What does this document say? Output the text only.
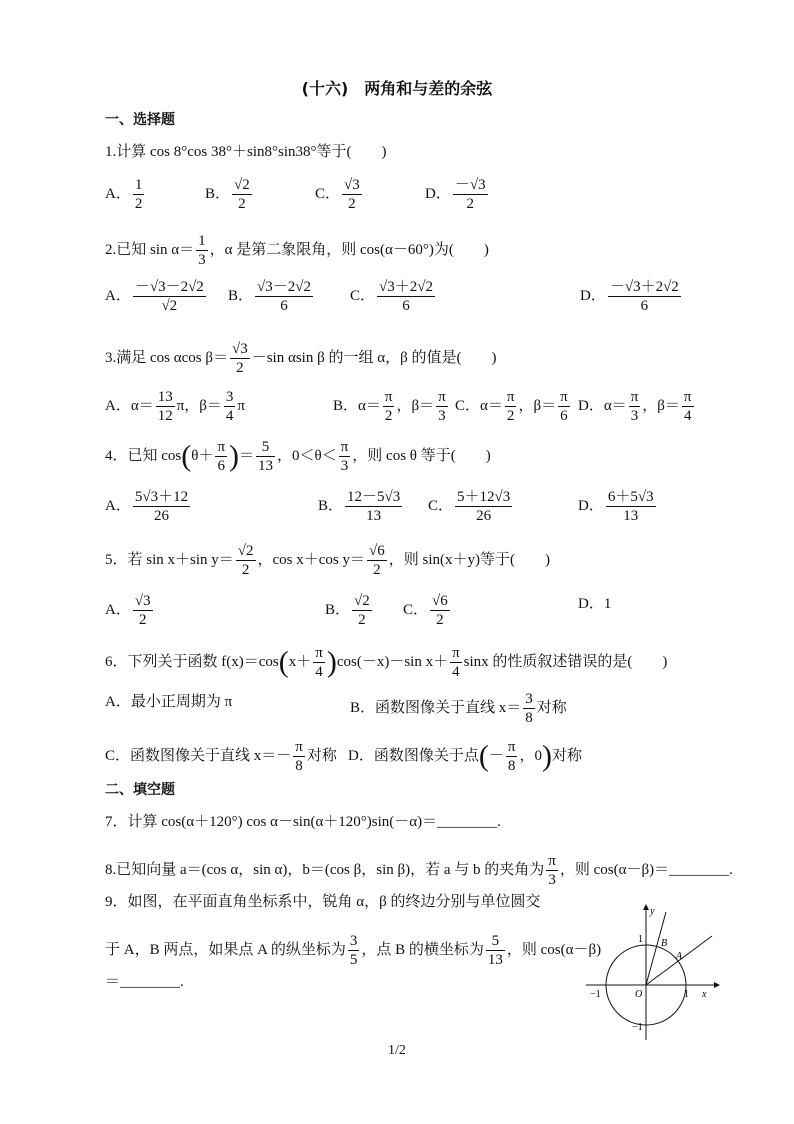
(十六)　两角和与差的余弦
一、选择题
1.计算 cos 8°cos 38°＋sin8°sin38°等于(　　)
A． $\frac{1}{2}$	B． $\frac{√2}{2}$	C． $\frac{√3}{2}$	D． $\frac{-√3}{2}$
2.已知 $\sin \alpha= \frac{1}{3}$ ，α 是第二象限角，则 cos(α－60°)为(　　)
A． $\frac{-√3-2√2}{√2}$ B． $\frac{√3-2√2}{6}$ C． $\frac{√3+2√2}{6}$	D． $\frac{-√3+2√2}{6}$
3.满足 cos αcos $\beta= \frac{√3}{2} -\sin$ αsin β 的一组 α，β 的值是(　　)
A．$\alpha= \frac{13}{12}$ π，$\beta= \frac{3}{4}$ π	B．$\alpha= \frac{\pi}{2}$ ，$\beta= \frac{\pi}{3}$ C．$\alpha= \frac{\pi}{2}$ ，$\beta= \frac{\pi}{6}$ D．$\alpha= \frac{\pi}{3}$ ，$\beta= \frac{\pi}{4}$
4．已知 $\cos(\theta+ \frac{\pi}{6}$ )＝ $\frac{5}{13}$ ，$0<\theta< \frac{\pi}{3}$ ，则 cos θ 等于(　　)
A． $\frac{5√3+12}{26}$	B． $\frac{12-5√3}{13}$ C． $\frac{5+12√3}{26}$	D． $\frac{6+5√3}{13}$
5．若 sin x＋sin $y= \frac{√2}{2}$ ，cos x＋cos $y= \frac{√6}{2}$ ，则 sin(x＋y)等于(　　)
A． $\frac{√3}{2}$	B． $\frac{√2}{2}$ C． $\frac{√6}{2}$	D．1
6．下列关于函数 $f(x)=\cos(x+ \frac{\pi}{4} )\cos(-x)-\sin$ $x+ \frac{\pi}{4}$ sinx 的性质叙述错误的是(　　)
A．最小正周期为 π	B．函数图像关于直线 $x= \frac{3}{8}$ 对称
C．函数图像关于直线 $x=- \frac{\pi}{8}$ 对称 D．函数图像关于点(－ $\frac{\pi}{8}$ ，0)对称
二、填空题
7．计算 cos(α＋120°) cos α－sin(α＋120°)sin(－α)＝________.
8.已知向量 a＝(cos α，sin α)，b＝(cos β，sin β)，若 a 与 b 的夹角为 $\frac{\pi}{3}$ ，则 cos(α－β)＝________.
9．如图，在平面直角坐标系中，锐角 α，β 的终边分别与单位圆交
于 A，B 两点，如果点 A 的纵坐标为 $\frac{3}{5}$ ，点 B 的横坐标为 $\frac{5}{13}$ ，则 cos(α－β)
＝________.
y
x
O
A
B
1
1
−1
−1
1/2
